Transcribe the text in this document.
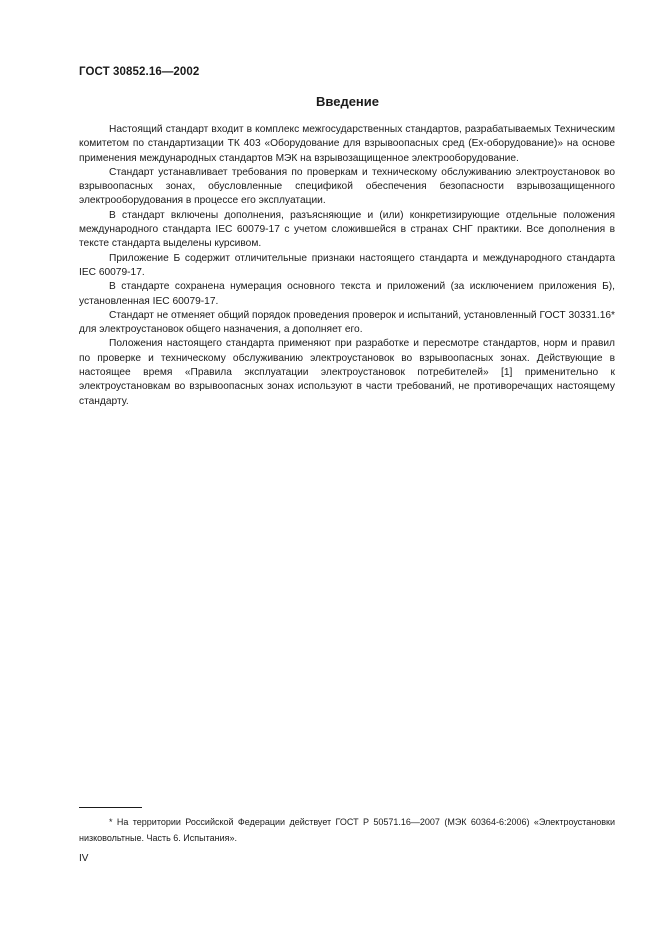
ГОСТ 30852.16—2002
Введение

Настоящий стандарт входит в комплекс межгосударственных стандартов, разрабатываемых Техническим комитетом по стандартизации ТК 403 «Оборудование для взрывоопасных сред (Ех-оборудование)» на основе применения международных стандартов МЭК на взрывозащищенное электрооборудование.

Стандарт устанавливает требования по проверкам и техническому обслуживанию электроустановок во взрывоопасных зонах, обусловленные спецификой обеспечения безопасности взрывозащищенного электрооборудования в процессе его эксплуатации.

В стандарт включены дополнения, разъясняющие и (или) конкретизирующие отдельные положения международного стандарта IEC 60079-17 с учетом сложившейся в странах СНГ практики. Все дополнения в тексте стандарта выделены курсивом.

Приложение Б содержит отличительные признаки настоящего стандарта и международного стандарта IEC 60079-17.

В стандарте сохранена нумерация основного текста и приложений (за исключением приложения Б), установленная IEC 60079-17.

Стандарт не отменяет общий порядок проведения проверок и испытаний, установленный ГОСТ 30331.16* для электроустановок общего назначения, а дополняет его.

Положения настоящего стандарта применяют при разработке и пересмотре стандартов, норм и правил по проверке и техническому обслуживанию электроустановок во взрывоопасных зонах. Действующие в настоящее время «Правила эксплуатации электроустановок потребителей» [1] применительно к электроустановкам во взрывоопасных зонах используют в части требований, не противоречащих настоящему стандарту.

* На территории Российской Федерации действует ГОСТ Р 50571.16—2007 (МЭК 60364-6:2006) «Электроустановки низковольтные. Часть 6. Испытания».

IV
